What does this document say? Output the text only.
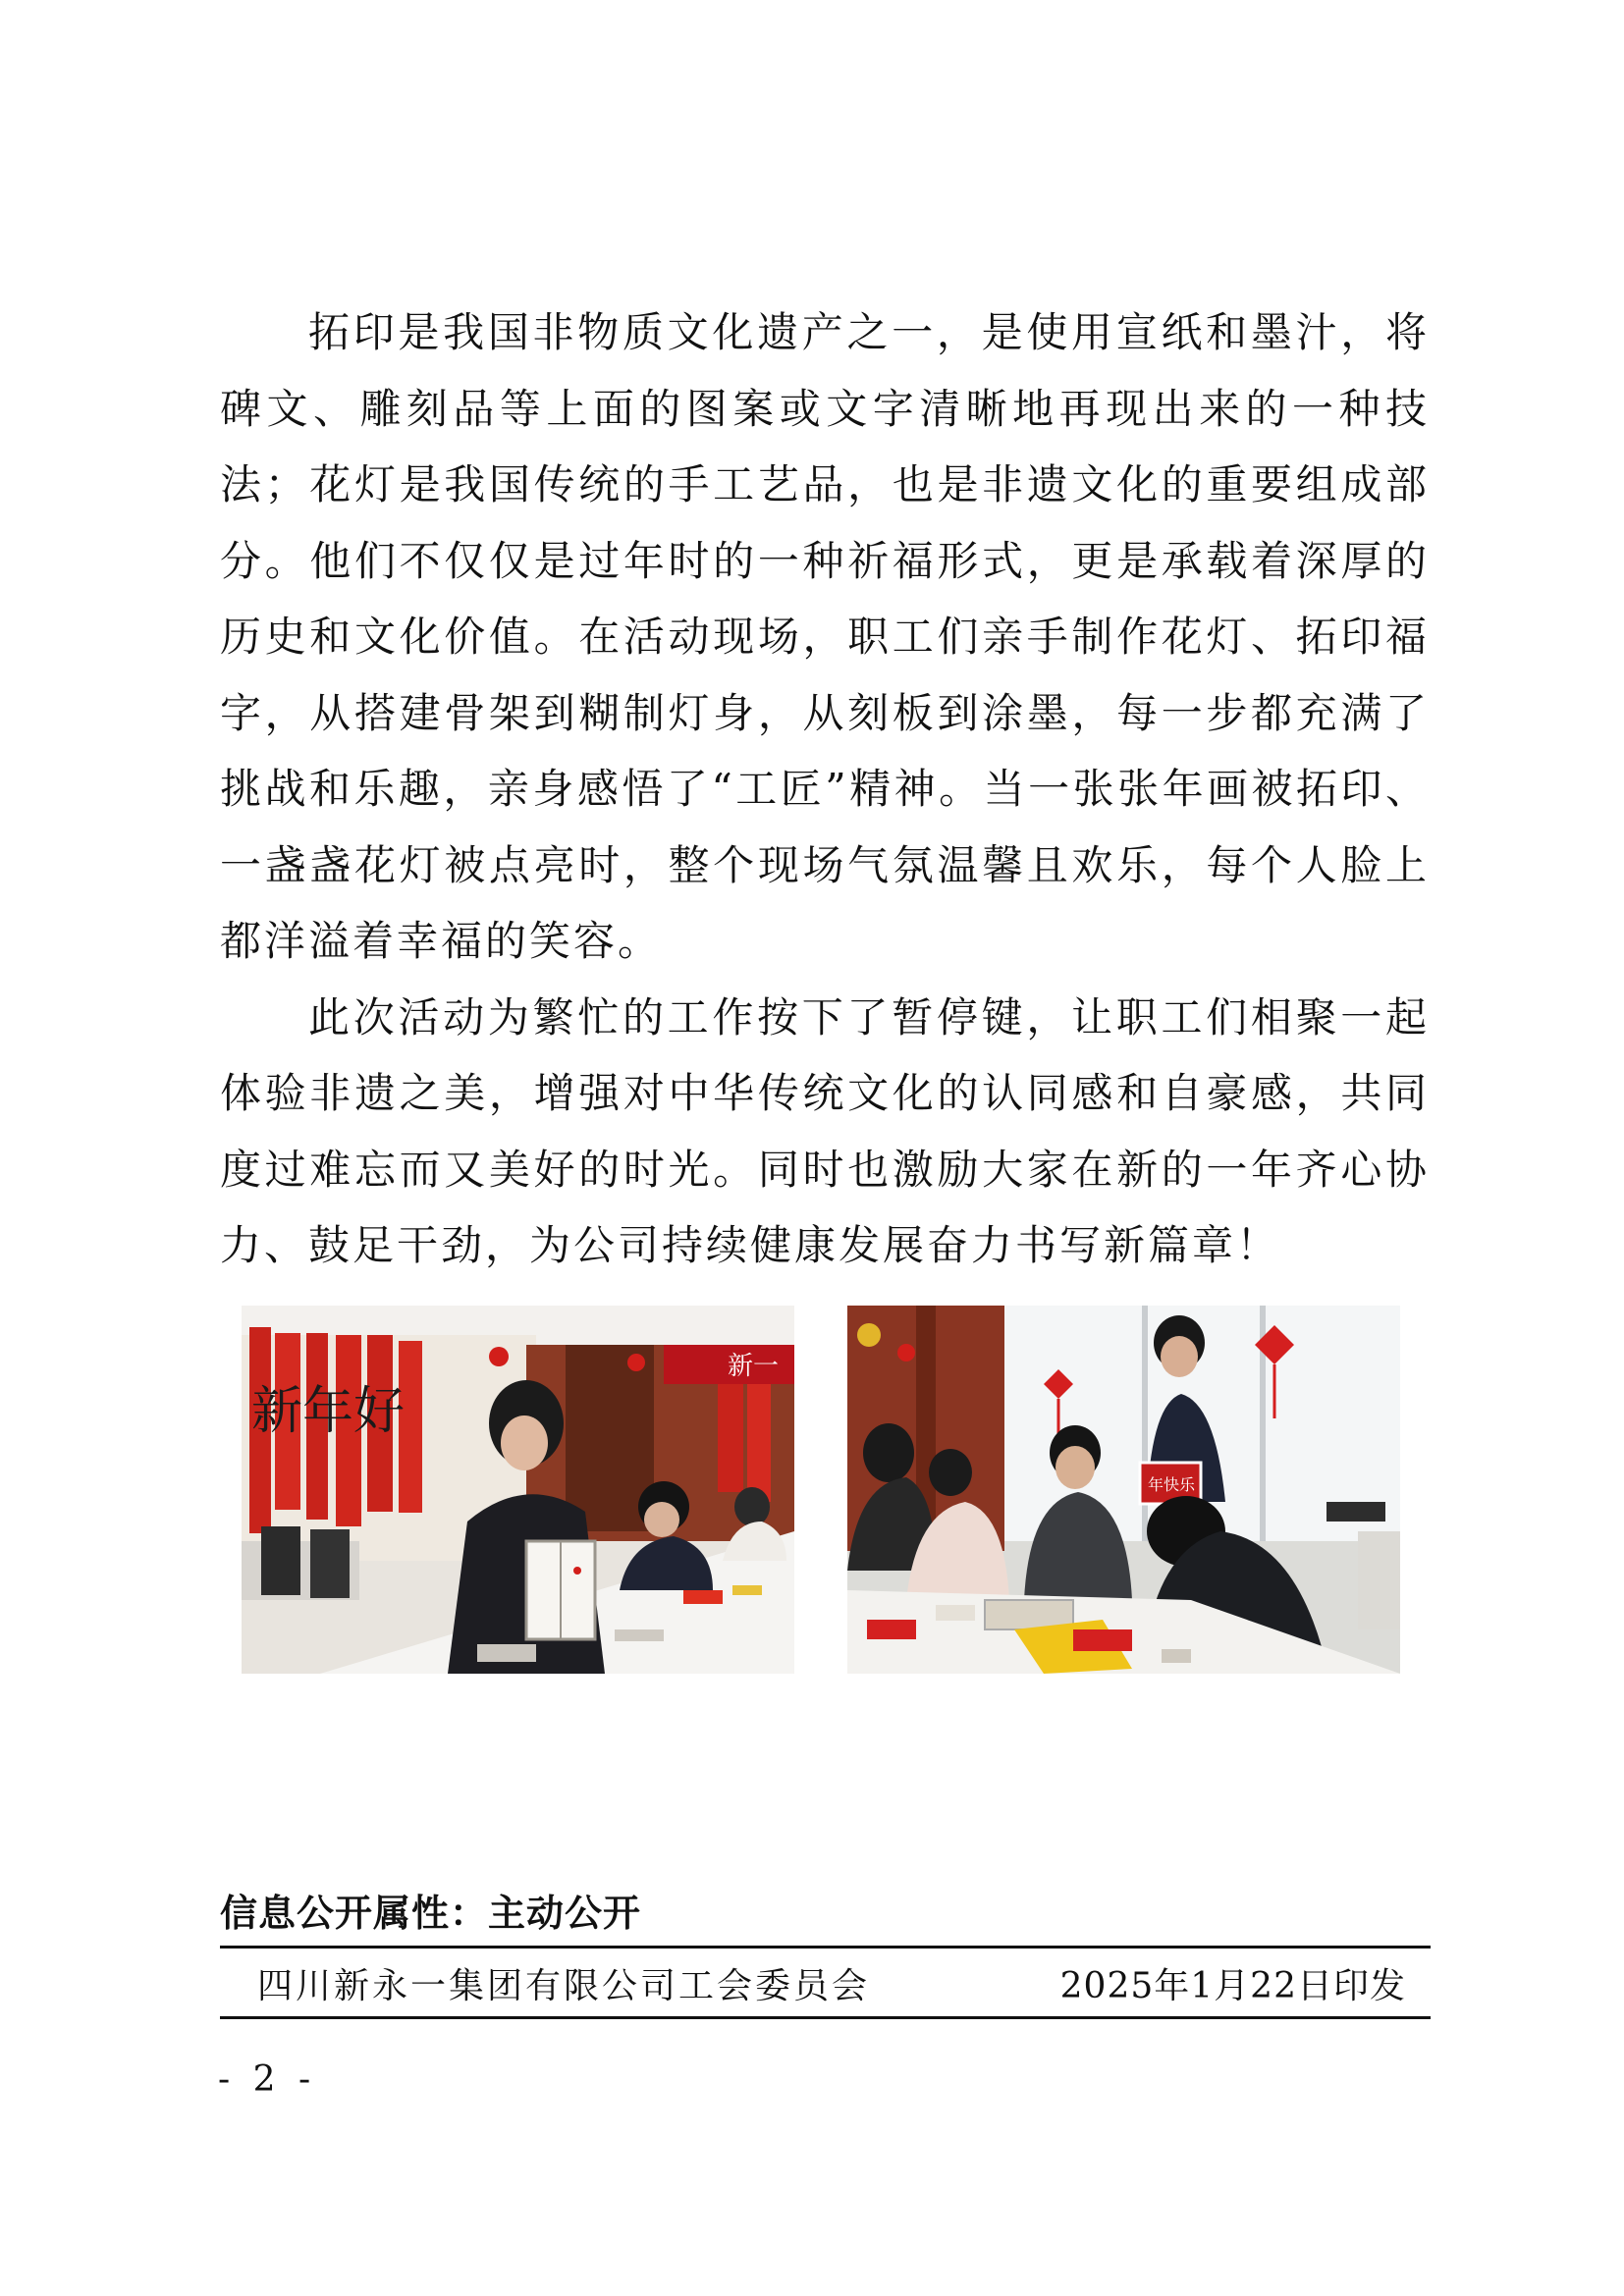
拓印是我国非物质文化遗产之一，是使用宣纸和墨汁，将碑文、雕刻品等上面的图案或文字清晰地再现出来的一种技法；花灯是我国传统的手工艺品，也是非遗文化的重要组成部分。他们不仅仅是过年时的一种祈福形式，更是承载着深厚的历史和文化价值。在活动现场，职工们亲手制作花灯、拓印福字，从搭建骨架到糊制灯身，从刻板到涂墨，每一步都充满了挑战和乐趣，亲身感悟了“工匠”精神。当一张张年画被拓印、一盏盏花灯被点亮时，整个现场气氛温馨且欢乐，每个人脸上都洋溢着幸福的笑容。

此次活动为繁忙的工作按下了暂停键，让职工们相聚一起体验非遗之美，增强对中华传统文化的认同感和自豪感，共同度过难忘而又美好的时光。同时也激励大家在新的一年齐心协力、鼓足干劲，为公司持续健康发展奋力书写新篇章！

新年好
新一
年快乐
信息公开属性：主动公开
四川新永一集团有限公司工会委员会	2025年1月22日印发
- 2 -
